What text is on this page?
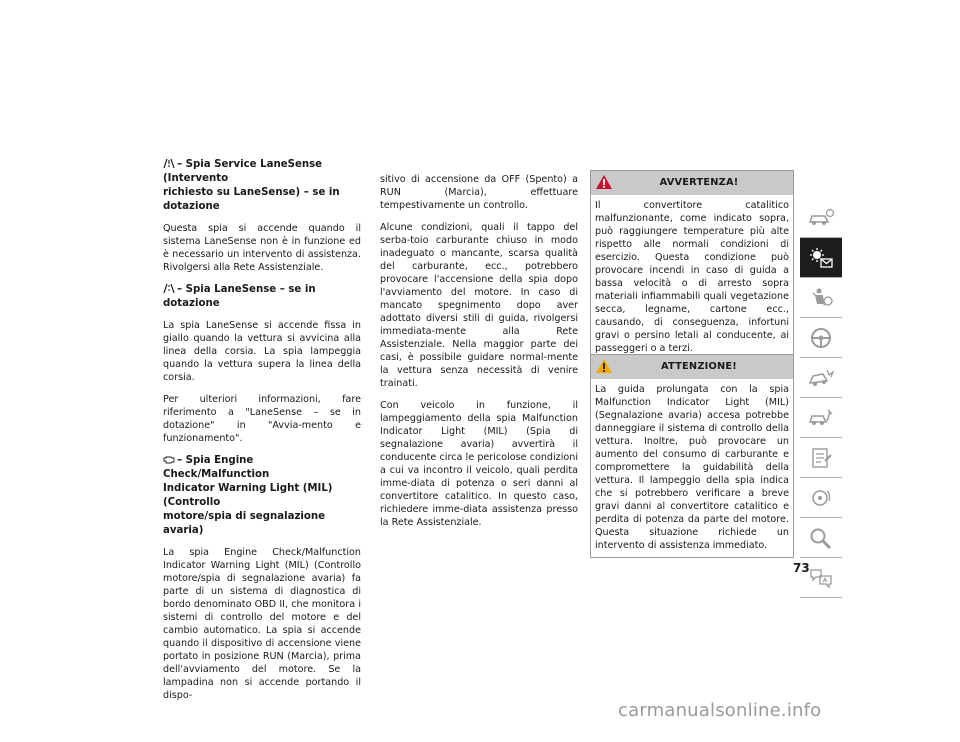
– Spia Service LaneSense (Intervento
richiesto su LaneSense) – se in dotazione

Questa spia si accende quando il sistema LaneSense non è in funzione ed è necessario un intervento di assistenza. Rivolgersi alla Rete Assistenziale.

– Spia LaneSense – se in dotazione

La spia LaneSense si accende fissa in giallo quando la vettura si avvicina alla linea della corsia. La spia lampeggia quando la vettura supera la linea della corsia.

Per ulteriori informazioni, fare riferimento a "LaneSense – se in dotazione" in "Avvia-mento e funzionamento".

– Spia Engine Check/Malfunction
Indicator Warning Light (MIL) (Controllo
motore/spia di segnalazione avaria)

La spia Engine Check/Malfunction Indicator Warning Light (MIL) (Controllo motore/spia di segnalazione avaria) fa parte di un sistema di diagnostica di bordo denominato OBD II, che monitora i sistemi di controllo del motore e del cambio automatico. La spia si accende quando il dispositivo di accensione viene portato in posizione RUN (Marcia), prima dell'avviamento del motore. Se la lampadina non si accende portando il dispo-

sitivo di accensione da OFF (Spento) a RUN (Marcia), effettuare tempestivamente un controllo.

Alcune condizioni, quali il tappo del serba-toio carburante chiuso in modo inadeguato o mancante, scarsa qualità del carburante, ecc., potrebbero provocare l'accensione della spia dopo l'avviamento del motore. In caso di mancato spegnimento dopo aver adottato diversi stili di guida, rivolgersi immediata-mente alla Rete Assistenziale. Nella maggior parte dei casi, è possibile guidare normal-mente la vettura senza necessità di venire trainati.

Con veicolo in funzione, il lampeggiamento della spia Malfunction Indicator Light (MIL) (Spia di segnalazione avaria) avvertirà il conducente circa le pericolose condizioni a cui va incontro il veicolo, quali perdita imme-diata di potenza o seri danni al convertitore catalitico. In questo caso, richiedere imme-diata assistenza presso la Rete Assistenziale.

AVVERTENZA!
Il convertitore catalitico malfunzionante, come indicato sopra, può raggiungere temperature più alte rispetto alle normali condizioni di esercizio. Questa condizione può provocare incendi in caso di guida a bassa velocità o di arresto sopra materiali infiammabili quali vegetazione secca, legname, cartone ecc., causando, di conseguenza, infortuni gravi o persino letali al conducente, ai passeggeri o a terzi.
ATTENZIONE!
La guida prolungata con la spia Malfunction Indicator Light (MIL) (Segnalazione avaria) accesa potrebbe danneggiare il sistema di controllo della vettura. Inoltre, può provocare un aumento del consumo di carburante e compromettere la guidabilità della vettura. Il lampeggio della spia indica che si potrebbero verificare a breve gravi danni al convertitore catalitico e perdita di potenza da parte del motore. Questa situazione richiede un intervento di assistenza immediato.
73
carmanualsonline.info
